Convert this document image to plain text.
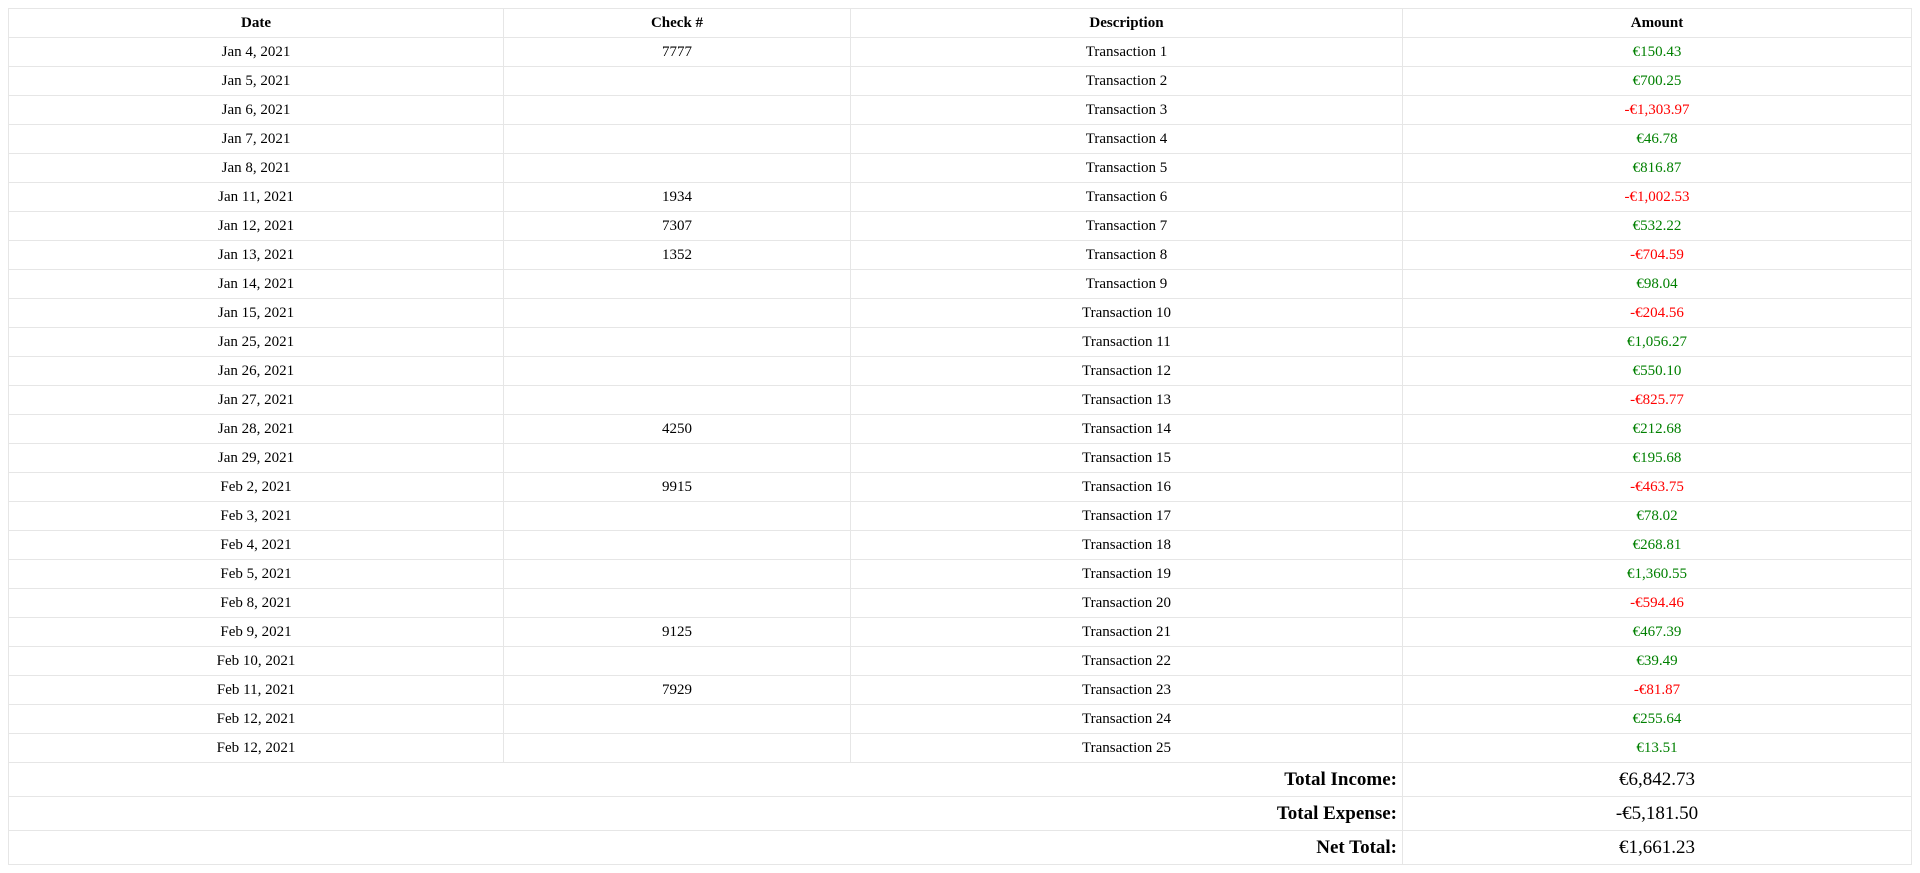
Date	Check #	Description	Amount
Jan 4, 2021	7777	Transaction 1	€150.43
Jan 5, 2021		Transaction 2	€700.25
Jan 6, 2021		Transaction 3	-€1,303.97
Jan 7, 2021		Transaction 4	€46.78
Jan 8, 2021		Transaction 5	€816.87
Jan 11, 2021	1934	Transaction 6	-€1,002.53
Jan 12, 2021	7307	Transaction 7	€532.22
Jan 13, 2021	1352	Transaction 8	-€704.59
Jan 14, 2021		Transaction 9	€98.04
Jan 15, 2021		Transaction 10	-€204.56
Jan 25, 2021		Transaction 11	€1,056.27
Jan 26, 2021		Transaction 12	€550.10
Jan 27, 2021		Transaction 13	-€825.77
Jan 28, 2021	4250	Transaction 14	€212.68
Jan 29, 2021		Transaction 15	€195.68
Feb 2, 2021	9915	Transaction 16	-€463.75
Feb 3, 2021		Transaction 17	€78.02
Feb 4, 2021		Transaction 18	€268.81
Feb 5, 2021		Transaction 19	€1,360.55
Feb 8, 2021		Transaction 20	-€594.46
Feb 9, 2021	9125	Transaction 21	€467.39
Feb 10, 2021		Transaction 22	€39.49
Feb 11, 2021	7929	Transaction 23	-€81.87
Feb 12, 2021		Transaction 24	€255.64
Feb 12, 2021		Transaction 25	€13.51
Total Income:			€6,842.73
Total Expense:			-€5,181.50
Net Total:			€1,661.23
